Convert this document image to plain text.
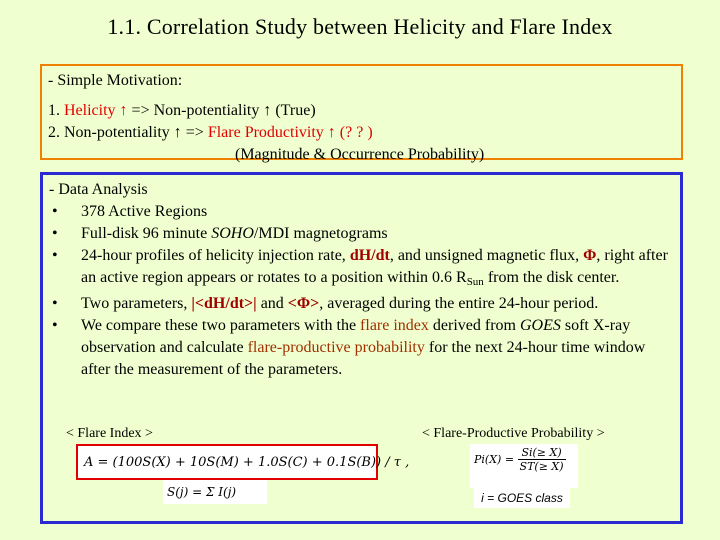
1.1. Correlation Study between Helicity and Flare Index
- Simple Motivation:
1. Helicity ↑ => Non-potentiality ↑ (True)
2. Non-potentiality ↑ => Flare Productivity ↑ (? ? )
(Magnitude & Occurrence Probability)
- Data Analysis
•	378 Active Regions
•	Full-disk 96 minute SOHO/MDI magnetograms
•	24-hour profiles of helicity injection rate, dH/dt, and unsigned magnetic flux, Φ, right after an active region appears or rotates to a position within 0.6 $R_{Sun}$ from the disk center.
•	Two parameters, |<dH/dt>| and <Φ>, averaged during the entire 24-hour period.
•	We compare these two parameters with the flare index derived from GOES soft X-ray observation and calculate flare-productive probability for the next 24-hour time window after the measurement of the parameters.
< Flare Index >	< Flare-Productive Probability >
A = (100S(X) + 10S(M) + 1.0S(C) + 0.1S(B)) / τ ,
S(j) = Σ I(j)
$Pi(X) = \frac{Si(\ge X)}{ST(\ge X)}$
i = GOES class
